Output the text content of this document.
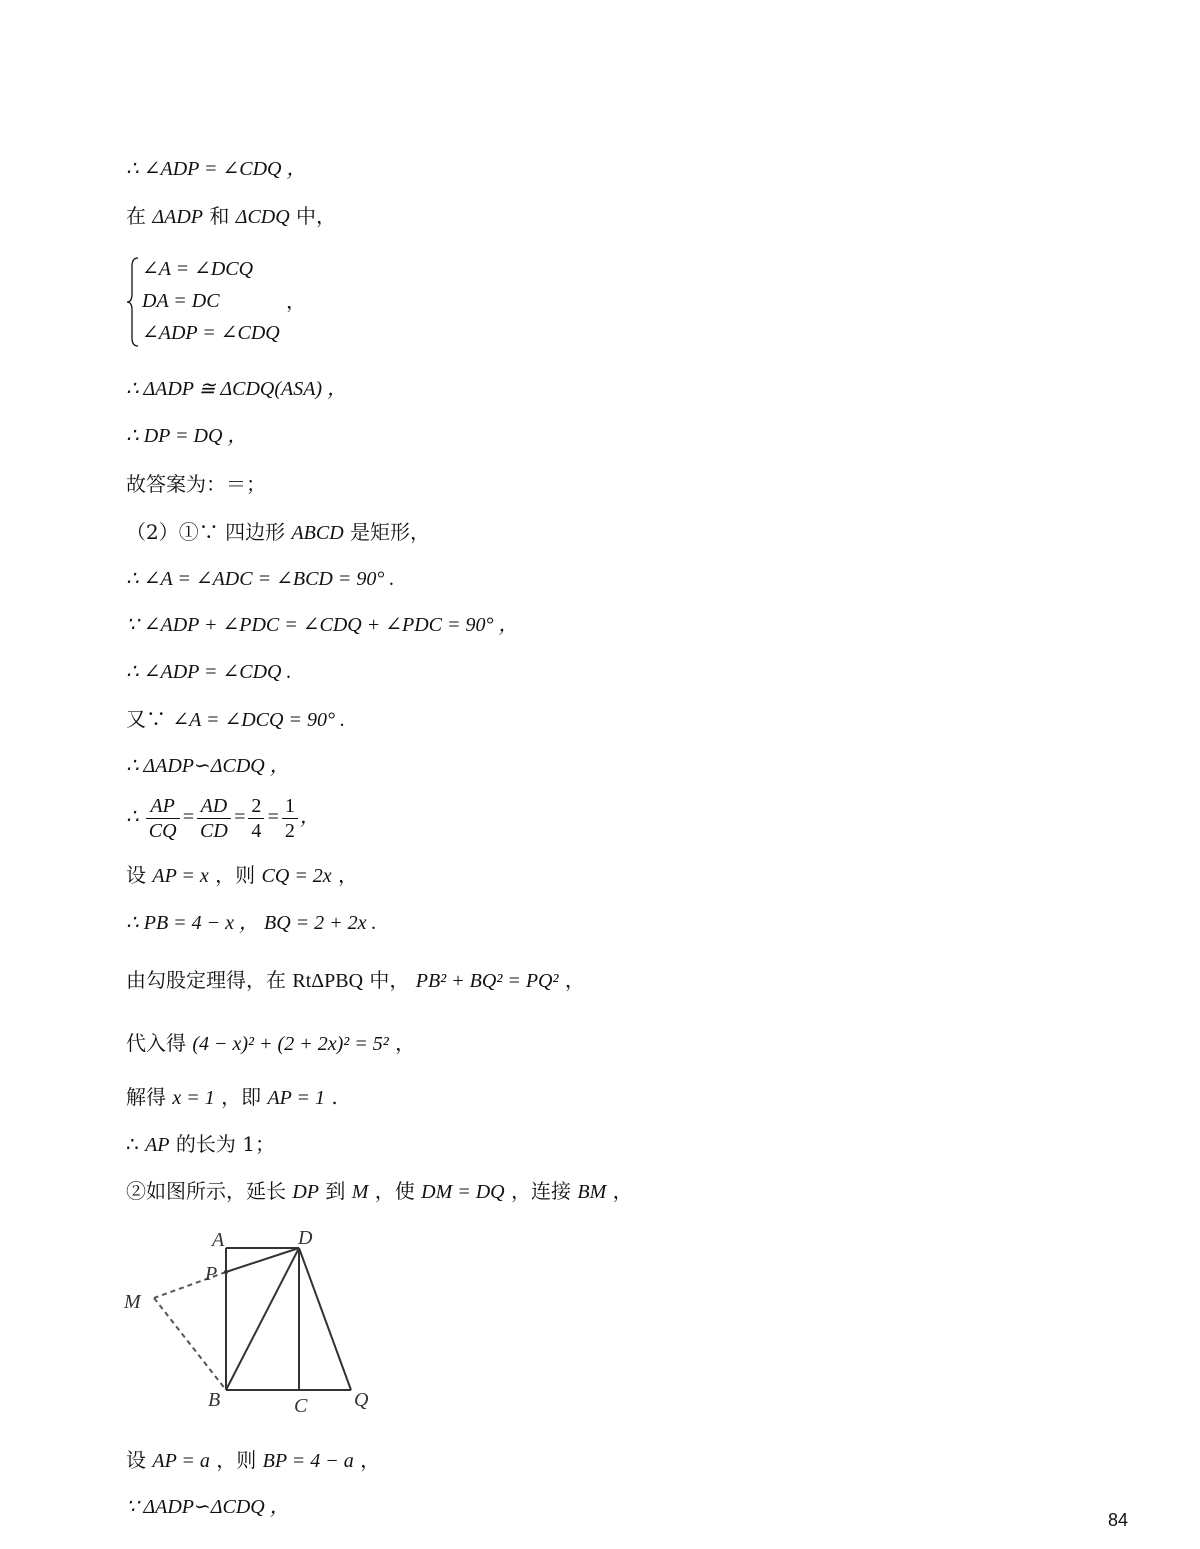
∴ ∠ADP = ∠CDQ ，
在 ΔADP 和 ΔCDQ 中，
∠A = ∠DCQ
DA = DC
∠ADP = ∠CDQ
，
∴ ΔADP ≅ ΔCDQ(ASA) ，
∴ DP = DQ ，
故答案为：＝；
（2）①∵ 四边形 ABCD 是矩形，
∴ ∠A = ∠ADC = ∠BCD = 90° .
∵ ∠ADP + ∠PDC = ∠CDQ + ∠PDC = 90° ，
∴ ∠ADP = ∠CDQ .
又∵ ∠A = ∠DCQ = 90° .
∴ ΔADP∽ΔCDQ ，
∴ $\frac{AP}{CQ} = \frac{AD}{CD} = \frac{2}{4} = \frac{1}{2}$ ，
设 AP = x ，则 CQ = 2x ，
∴ PB = 4 − x ， BQ = 2 + 2x .
由勾股定理得，在 RtΔPBQ 中， PB² + BQ² = PQ² ，
代入得 (4 − x)² + (2 + 2x)² = 5² ，
解得 x = 1 ，即 AP = 1 .
∴ AP 的长为 1；
②如图所示，延长 DP 到 M ，使 DM = DQ ，连接 BM ，
A	D
P
M
B	C Q
设 AP = a ，则 BP = 4 − a ，
∵ ΔADP∽ΔCDQ ，
84
